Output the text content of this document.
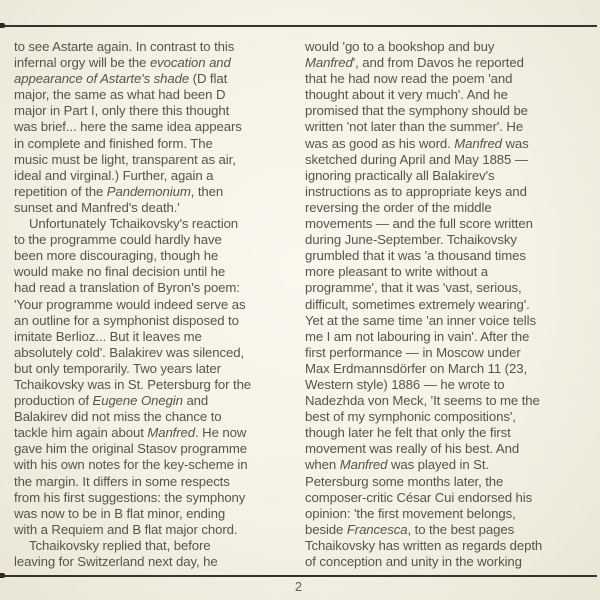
to see Astarte again. In contrast to this
infernal orgy will be the evocation and
appearance of Astarte's shade (D flat
major, the same as what had been D
major in Part I, only there this thought
was brief... here the same idea appears
in complete and finished form. The
music must be light, transparent as air,
ideal and virginal.) Further, again a
repetition of the Pandemonium, then
sunset and Manfred's death.'
Unfortunately Tchaikovsky's reaction
to the programme could hardly have
been more discouraging, though he
would make no final decision until he
had read a translation of Byron's poem:
'Your programme would indeed serve as
an outline for a symphonist disposed to
imitate Berlioz... But it leaves me
absolutely cold'. Balakirev was silenced,
but only temporarily. Two years later
Tchaikovsky was in St. Petersburg for the
production of Eugene Onegin and
Balakirev did not miss the chance to
tackle him again about Manfred. He now
gave him the original Stasov programme
with his own notes for the key-scheme in
the margin. It differs in some respects
from his first suggestions: the symphony
was now to be in B flat minor, ending
with a Requiem and B flat major chord.
Tchaikovsky replied that, before
leaving for Switzerland next day, he
would 'go to a bookshop and buy
Manfred', and from Davos he reported
that he had now read the poem 'and
thought about it very much'. And he
promised that the symphony should be
written 'not later than the summer'. He
was as good as his word. Manfred was
sketched during April and May 1885 —
ignoring practically all Balakirev's
instructions as to appropriate keys and
reversing the order of the middle
movements — and the full score written
during June-September. Tchaikovsky
grumbled that it was 'a thousand times
more pleasant to write without a
programme', that it was 'vast, serious,
difficult, sometimes extremely wearing'.
Yet at the same time 'an inner voice tells
me I am not labouring in vain'. After the
first performance — in Moscow under
Max Erdmannsdörfer on March 11 (23,
Western style) 1886 — he wrote to
Nadezhda von Meck, 'It seems to me the
best of my symphonic compositions',
though later he felt that only the first
movement was really of his best. And
when Manfred was played in St.
Petersburg some months later, the
composer-critic César Cui endorsed his
opinion: 'the first movement belongs,
beside Francesca, to the best pages
Tchaikovsky has written as regards depth
of conception and unity in the working
2
